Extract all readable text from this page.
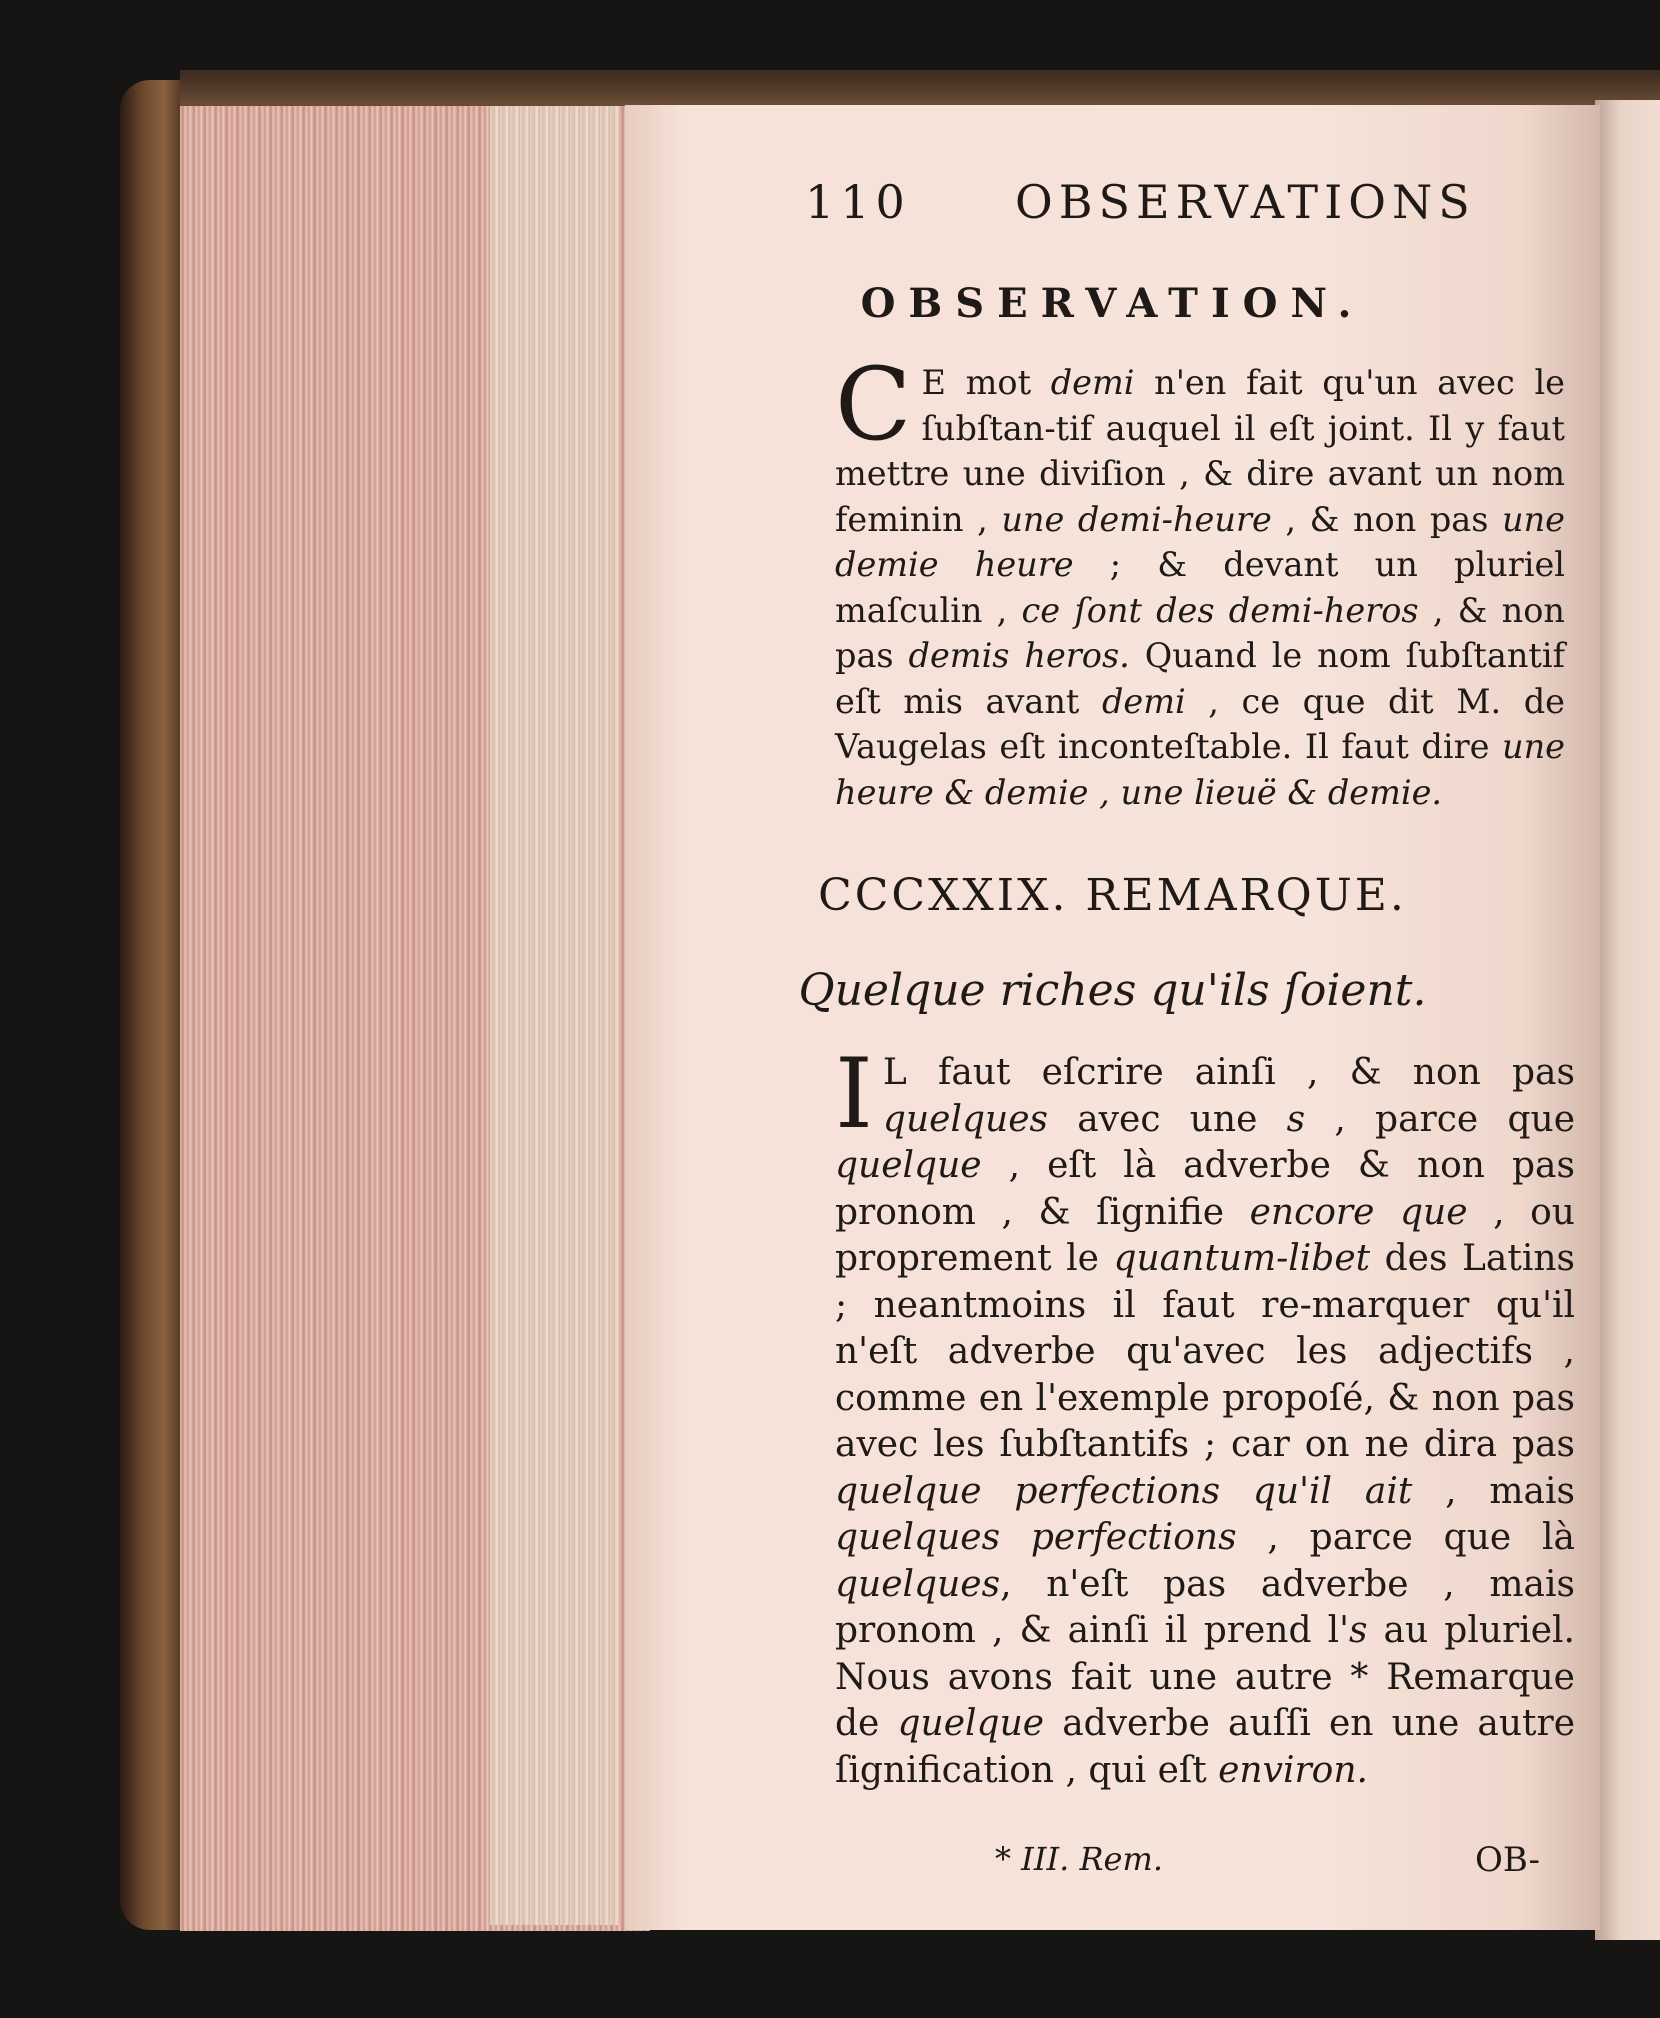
110 OBSERVATIONS
OBSERVATION.
C E mot demi n'en fait qu'un avec le ſubſtan-tif auquel il eſt joint. Il y faut mettre une diviſion , & dire avant un nom feminin , une demi-heure , & non pas une demie heure ; & devant un pluriel maſculin , ce ſont des demi-heros , & non pas demis heros. Quand le nom ſubſtantif eſt mis avant demi , ce que dit M. de Vaugelas eſt inconteſtable. Il faut dire une heure & demie , une lieuë & demie.
CCCXXIX. REMARQUE.
Quelque riches qu'ils ſoient.
I L faut eſcrire ainſi , & non pas quelques avec une s , parce que quelque , eſt là adverbe & non pas pronom , & ſignifie encore que , ou proprement le quantum-libet des Latins ; neantmoins il faut re-marquer qu'il n'eſt adverbe qu'avec les adjectifs , comme en l'exemple propoſé, & non pas avec les ſubſtantifs ; car on ne dira pas quelque perfections qu'il ait , mais quelques perfections , parce que là quelques, n'eſt pas adverbe , mais pronom , & ainſi il prend l's au pluriel. Nous avons fait une autre * Remarque de quelque adverbe auſſi en une autre ſignification , qui eſt environ.
* III. Rem.	OB-
